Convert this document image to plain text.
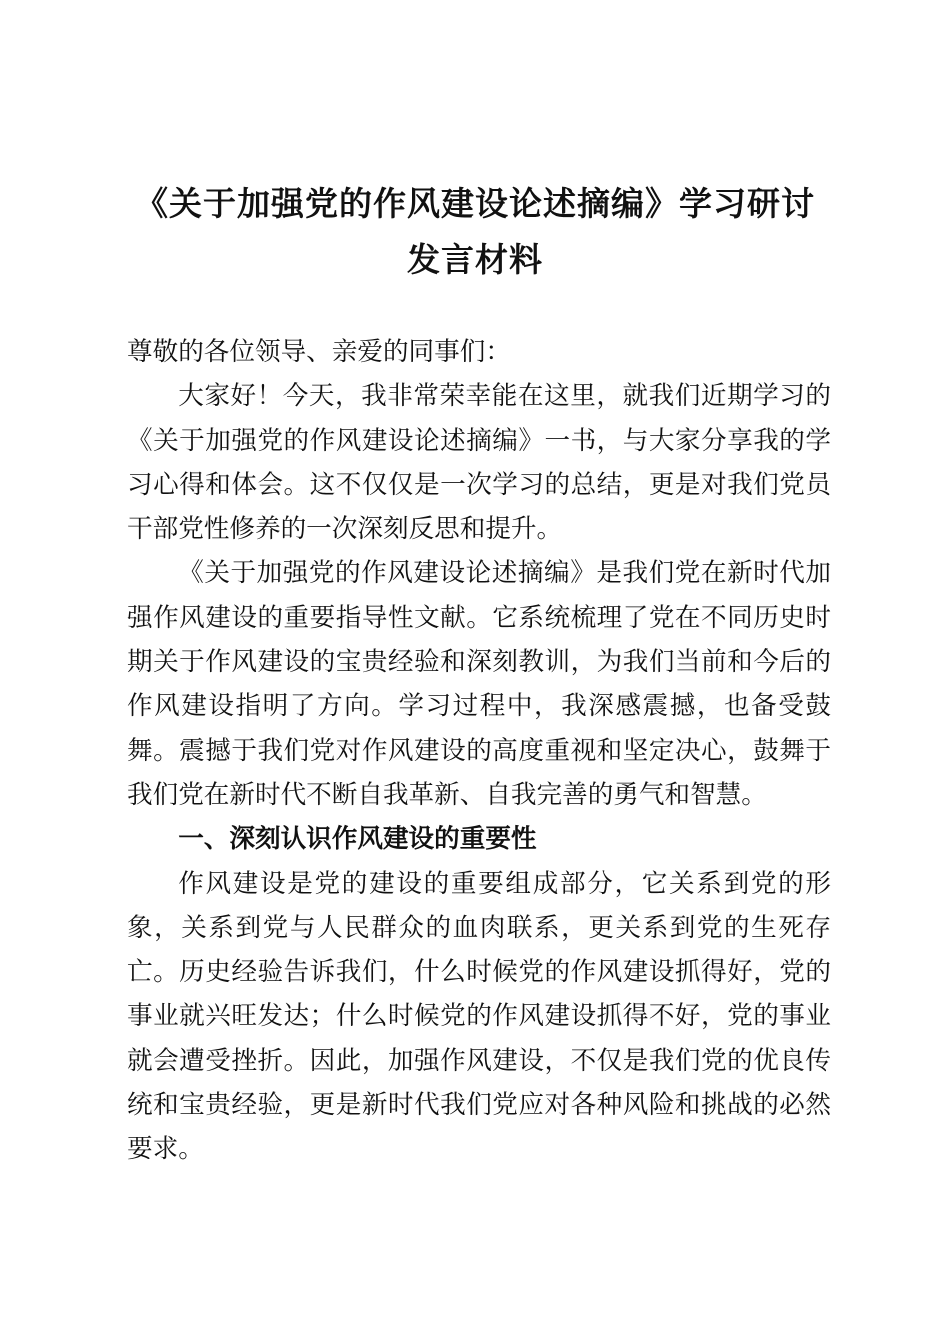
《关于加强党的作风建设论述摘编》学习研讨发言材料

尊敬的各位领导、亲爱的同事们：

大家好！今天，我非常荣幸能在这里，就我们近期学习的《关于加强党的作风建设论述摘编》一书，与大家分享我的学习心得和体会。这不仅仅是一次学习的总结，更是对我们党员干部党性修养的一次深刻反思和提升。

《关于加强党的作风建设论述摘编》是我们党在新时代加强作风建设的重要指导性文献。它系统梳理了党在不同历史时期关于作风建设的宝贵经验和深刻教训，为我们当前和今后的作风建设指明了方向。学习过程中，我深感震撼，也备受鼓舞。震撼于我们党对作风建设的高度重视和坚定决心，鼓舞于我们党在新时代不断自我革新、自我完善的勇气和智慧。

一、深刻认识作风建设的重要性

作风建设是党的建设的重要组成部分，它关系到党的形象，关系到党与人民群众的血肉联系，更关系到党的生死存亡。历史经验告诉我们，什么时候党的作风建设抓得好，党的事业就兴旺发达；什么时候党的作风建设抓得不好，党的事业就会遭受挫折。因此，加强作风建设，不仅是我们党的优良传统和宝贵经验，更是新时代我们党应对各种风险和挑战的必然要求。
